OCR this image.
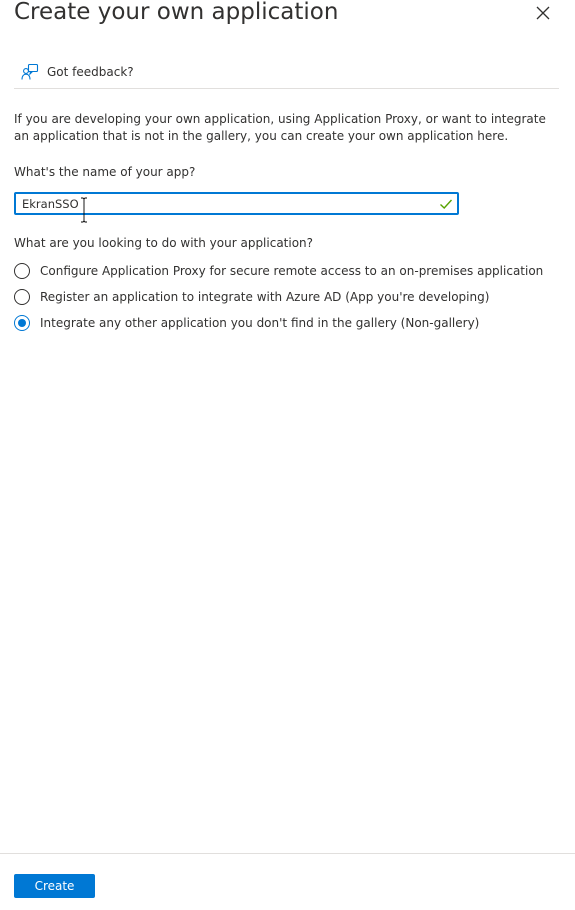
Create your own application
Got feedback?

If you are developing your own application, using Application Proxy, or want to integrate an application that is not in the gallery, you can create your own application here.

What's the name of your app?
EkranSSO
What are you looking to do with your application?
Configure Application Proxy for secure remote access to an on-premises application
Register an application to integrate with Azure AD (App you're developing)
Integrate any other application you don't find in the gallery (Non-gallery)
Create
